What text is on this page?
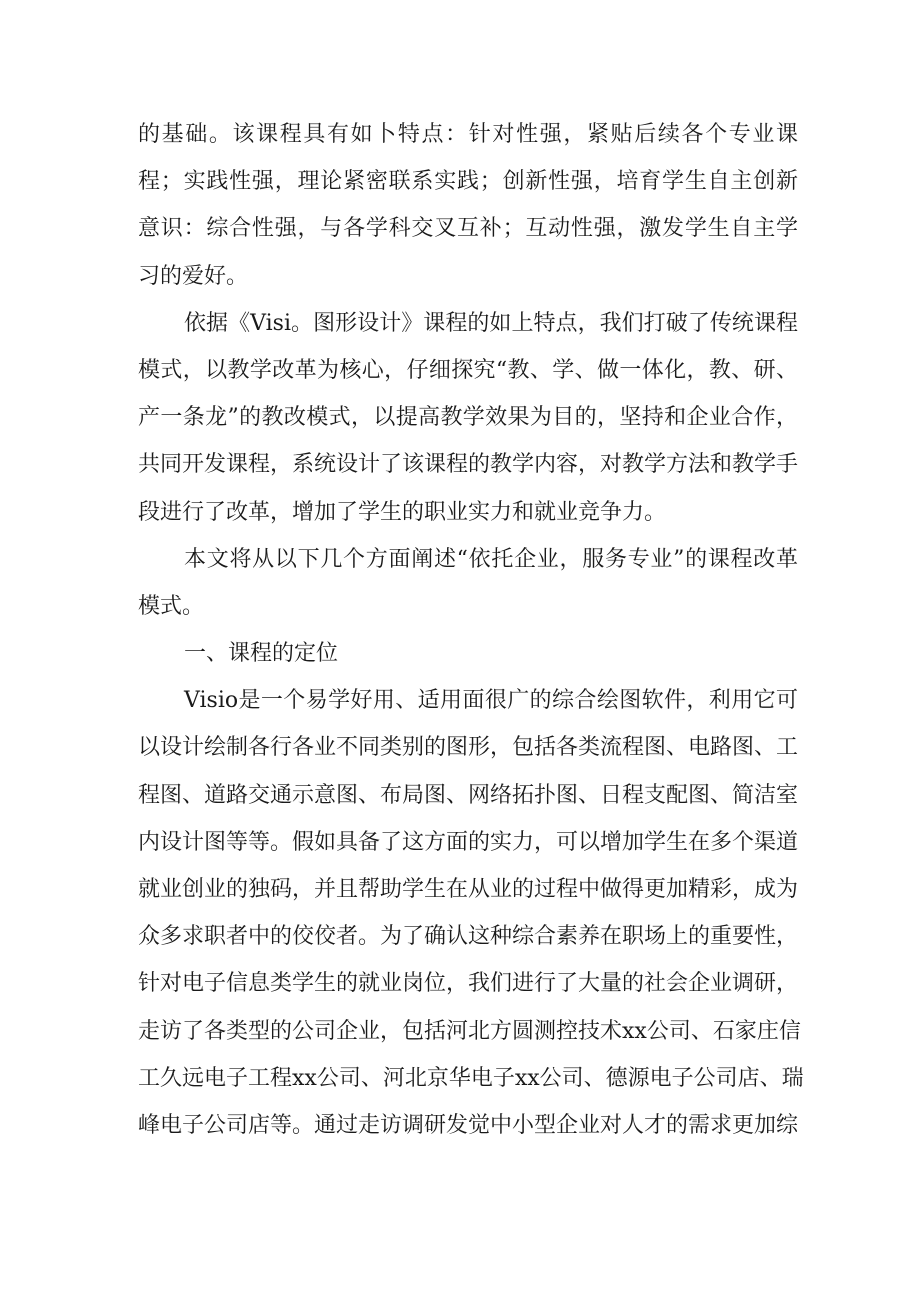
的基础。该课程具有如卜特点：针对性强，紧贴后续各个专业课
程；实践性强，理论紧密联系实践；创新性强，培育学生自主创新
意识：综合性强，与各学科交叉互补；互动性强，激发学生自主学
习的爱好。
依据《Visi。图形设计》课程的如上特点，我们打破了传统课程
模式，以教学改革为核心，仔细探究“教、学、做一体化，教、研、
产一条龙”的教改模式，以提高教学效果为目的，坚持和企业合作，
共同开发课程，系统设计了该课程的教学内容，对教学方法和教学手
段进行了改革，增加了学生的职业实力和就业竞争力。
本文将从以下几个方面阐述“依托企业，服务专业”的课程改革
模式。
一、课程的定位
Visio是一个易学好用、适用面很广的综合绘图软件，利用它可
以设计绘制各行各业不同类别的图形，包括各类流程图、电路图、工
程图、道路交通示意图、布局图、网络拓扑图、日程支配图、简洁室
内设计图等等。假如具备了这方面的实力，可以增加学生在多个渠道
就业创业的独码，并且帮助学生在从业的过程中做得更加精彩，成为
众多求职者中的佼佼者。为了确认这种综合素养在职场上的重要性，
针对电子信息类学生的就业岗位，我们进行了大量的社会企业调研，
走访了各类型的公司企业，包括河北方圆测控技术xx公司、石家庄信
工久远电子工程xx公司、河北京华电子xx公司、德源电子公司店、瑞
峰电子公司店等。通过走访调研发觉中小型企业对人才的需求更加综
